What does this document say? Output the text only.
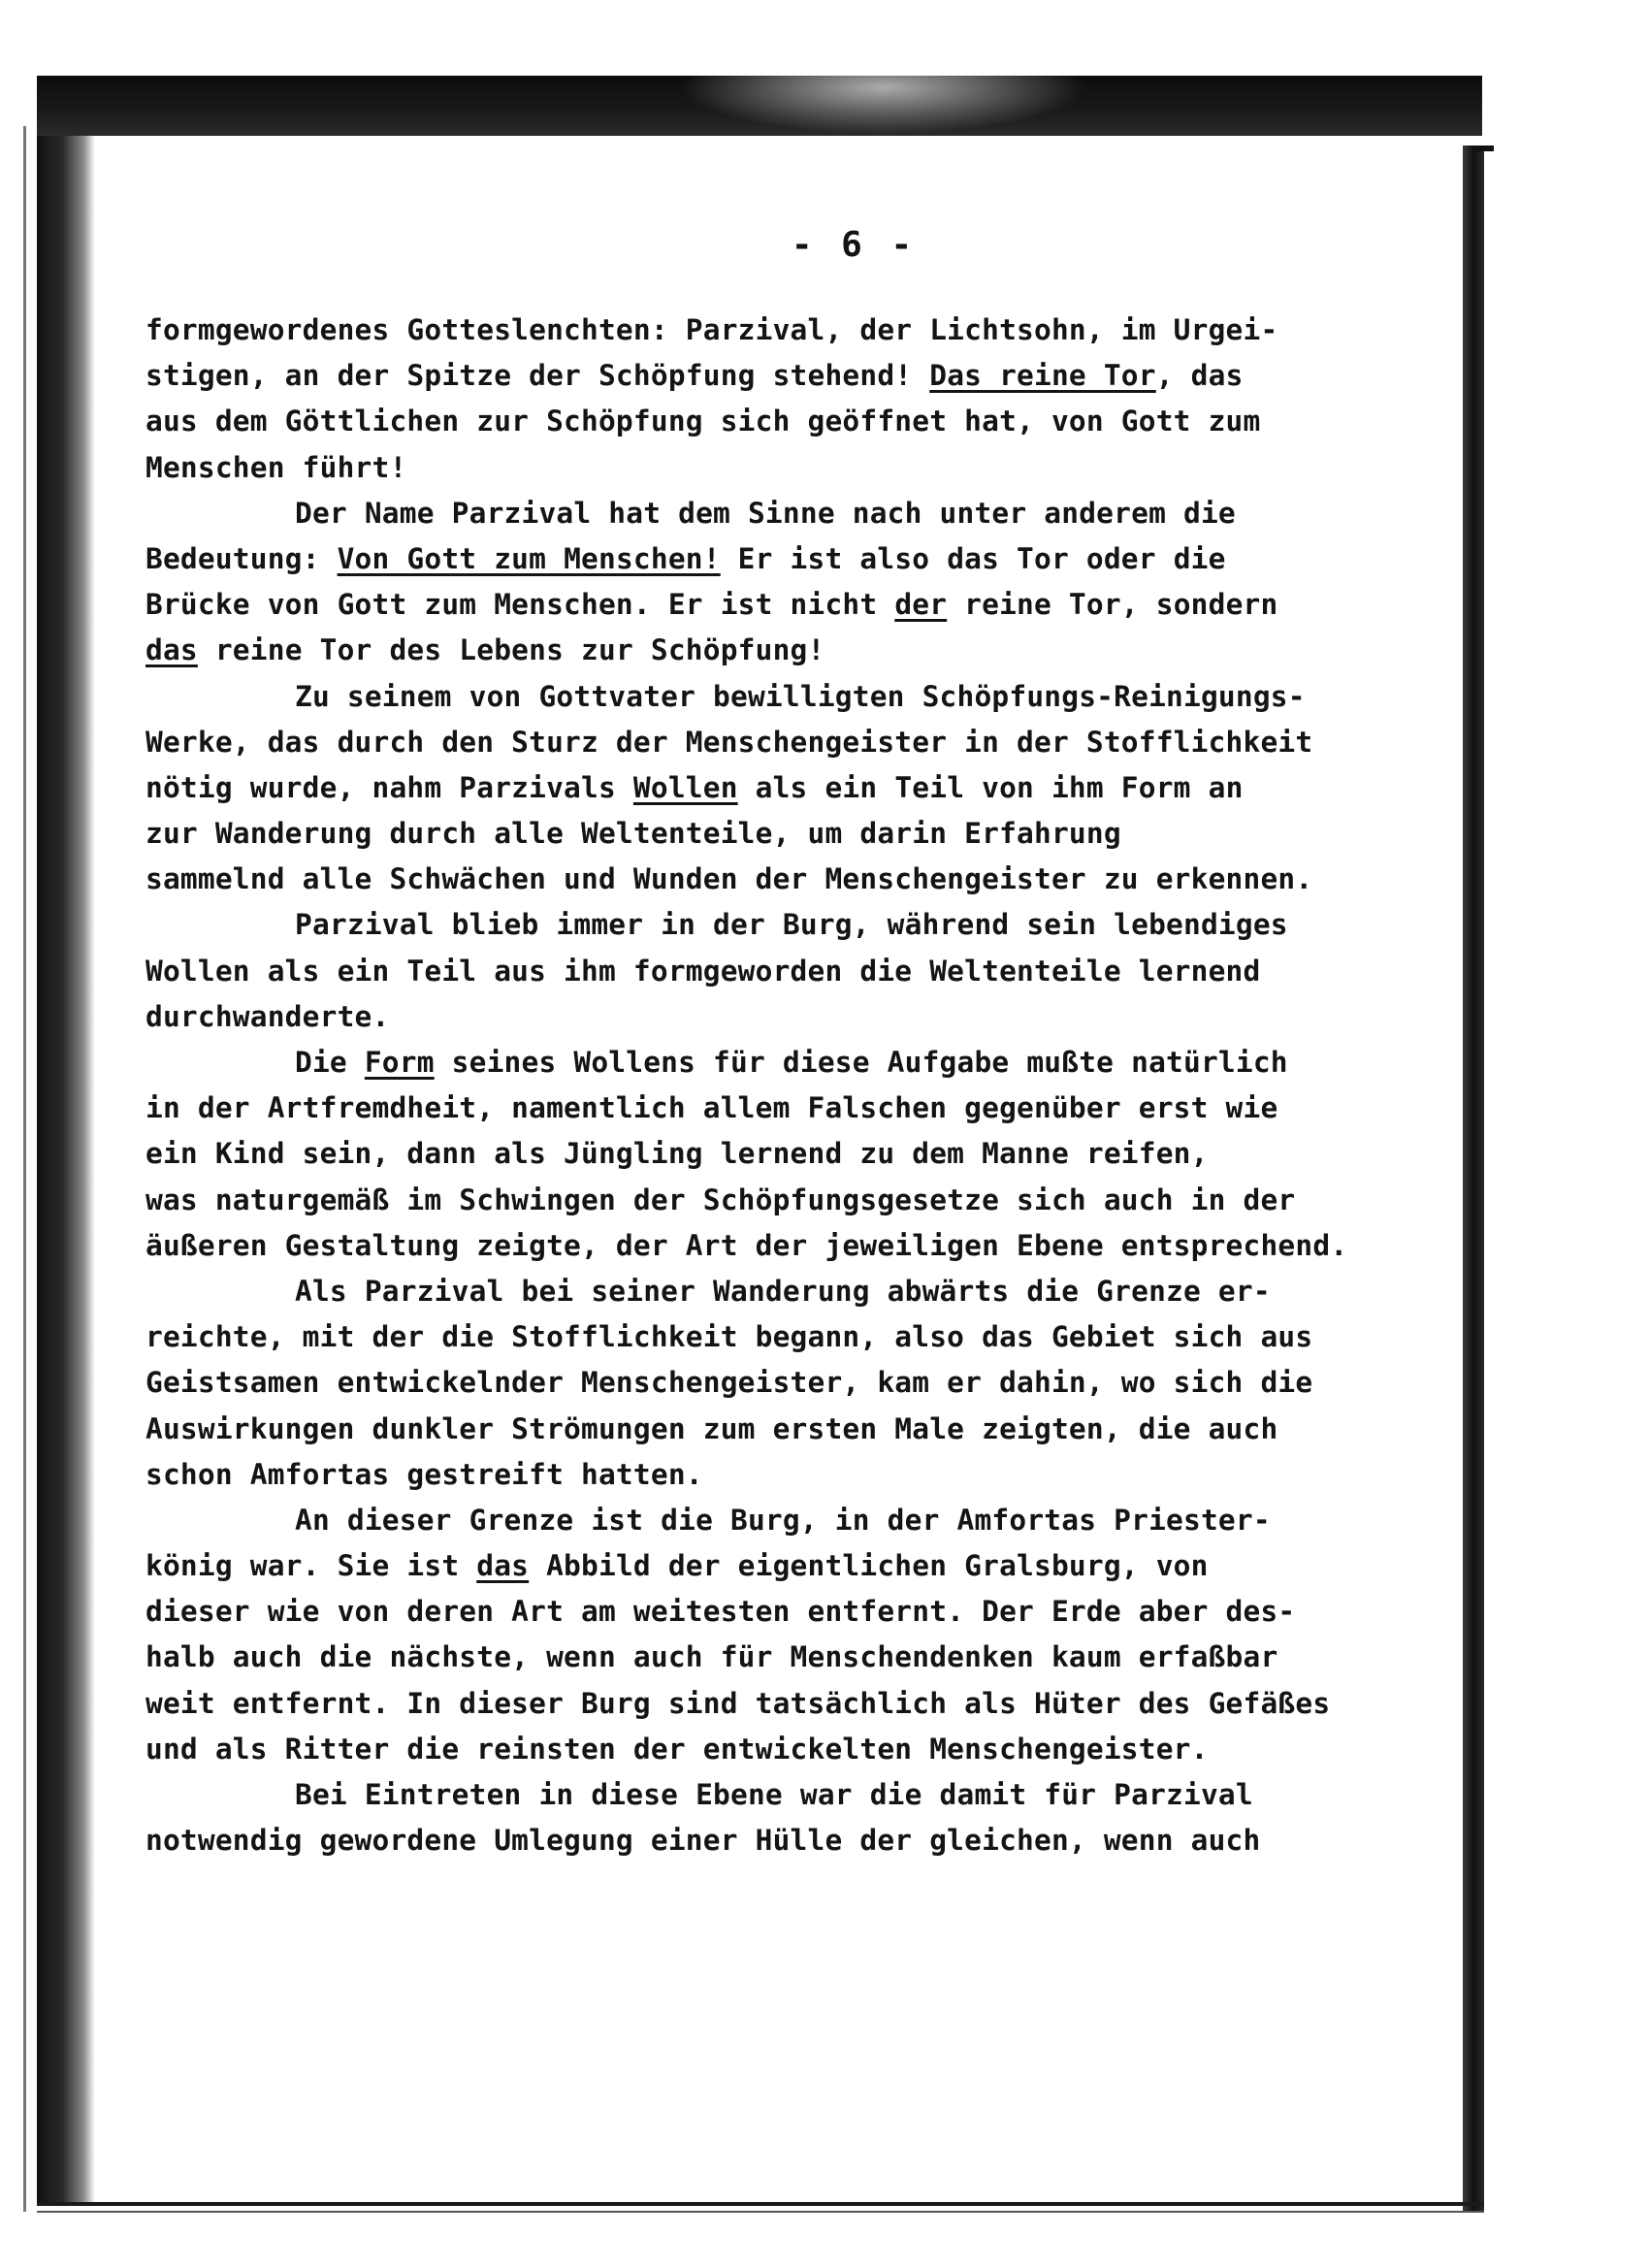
- 6 -
formgewordenes Gotteslenchten: Parzival, der Lichtsohn, im Urgei-
stigen, an der Spitze der Schöpfung stehend! Das reine Tor, das
aus dem Göttlichen zur Schöpfung sich geöffnet hat, von Gott zum
Menschen führt!
Der Name Parzival hat dem Sinne nach unter anderem die
Bedeutung: Von Gott zum Menschen! Er ist also das Tor oder die
Brücke von Gott zum Menschen. Er ist nicht der reine Tor, sondern
das reine Tor des Lebens zur Schöpfung!
Zu seinem von Gottvater bewilligten Schöpfungs-Reinigungs-
Werke, das durch den Sturz der Menschengeister in der Stofflichkeit
nötig wurde, nahm Parzivals Wollen als ein Teil von ihm Form an
zur Wanderung durch alle Weltenteile, um darin Erfahrung
sammelnd alle Schwächen und Wunden der Menschengeister zu erkennen.
Parzival blieb immer in der Burg, während sein lebendiges
Wollen als ein Teil aus ihm formgeworden die Weltenteile lernend
durchwanderte.
Die Form seines Wollens für diese Aufgabe mußte natürlich
in der Artfremdheit, namentlich allem Falschen gegenüber erst wie
ein Kind sein, dann als Jüngling lernend zu dem Manne reifen,
was naturgemäß im Schwingen der Schöpfungsgesetze sich auch in der
äußeren Gestaltung zeigte, der Art der jeweiligen Ebene entsprechend.
Als Parzival bei seiner Wanderung abwärts die Grenze er-
reichte, mit der die Stofflichkeit begann, also das Gebiet sich aus
Geistsamen entwickelnder Menschengeister, kam er dahin, wo sich die
Auswirkungen dunkler Strömungen zum ersten Male zeigten, die auch
schon Amfortas gestreift hatten.
An dieser Grenze ist die Burg, in der Amfortas Priester-
könig war. Sie ist das Abbild der eigentlichen Gralsburg, von
dieser wie von deren Art am weitesten entfernt. Der Erde aber des-
halb auch die nächste, wenn auch für Menschendenken kaum erfaßbar
weit entfernt. In dieser Burg sind tatsächlich als Hüter des Gefäßes
und als Ritter die reinsten der entwickelten Menschengeister.
Bei Eintreten in diese Ebene war die damit für Parzival
notwendig gewordene Umlegung einer Hülle der gleichen, wenn auch
